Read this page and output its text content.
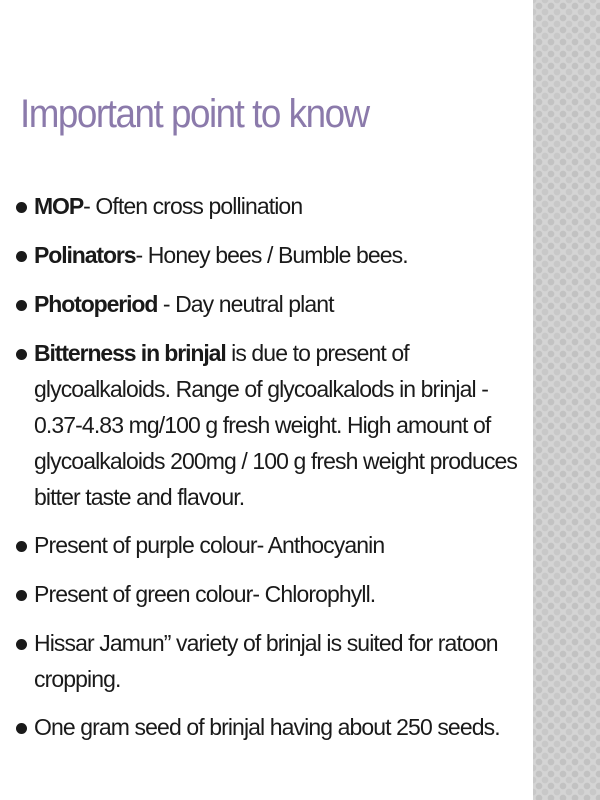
Important point to know
MOP- Often cross pollination
Polinators- Honey bees / Bumble bees.
Photoperiod - Day neutral plant
Bitterness in brinjal is due to present of glycoalkaloids. Range of glycoalkalods in brinjal - 0.37-4.83 mg/100 g fresh weight. High amount of glycoalkaloids 200mg / 100 g fresh weight produces bitter taste and flavour.
Present of purple colour- Anthocyanin
Present of green colour- Chlorophyll.
Hissar Jamun” variety of brinjal is suited for ratoon cropping.
One gram seed of brinjal having about 250 seeds.
